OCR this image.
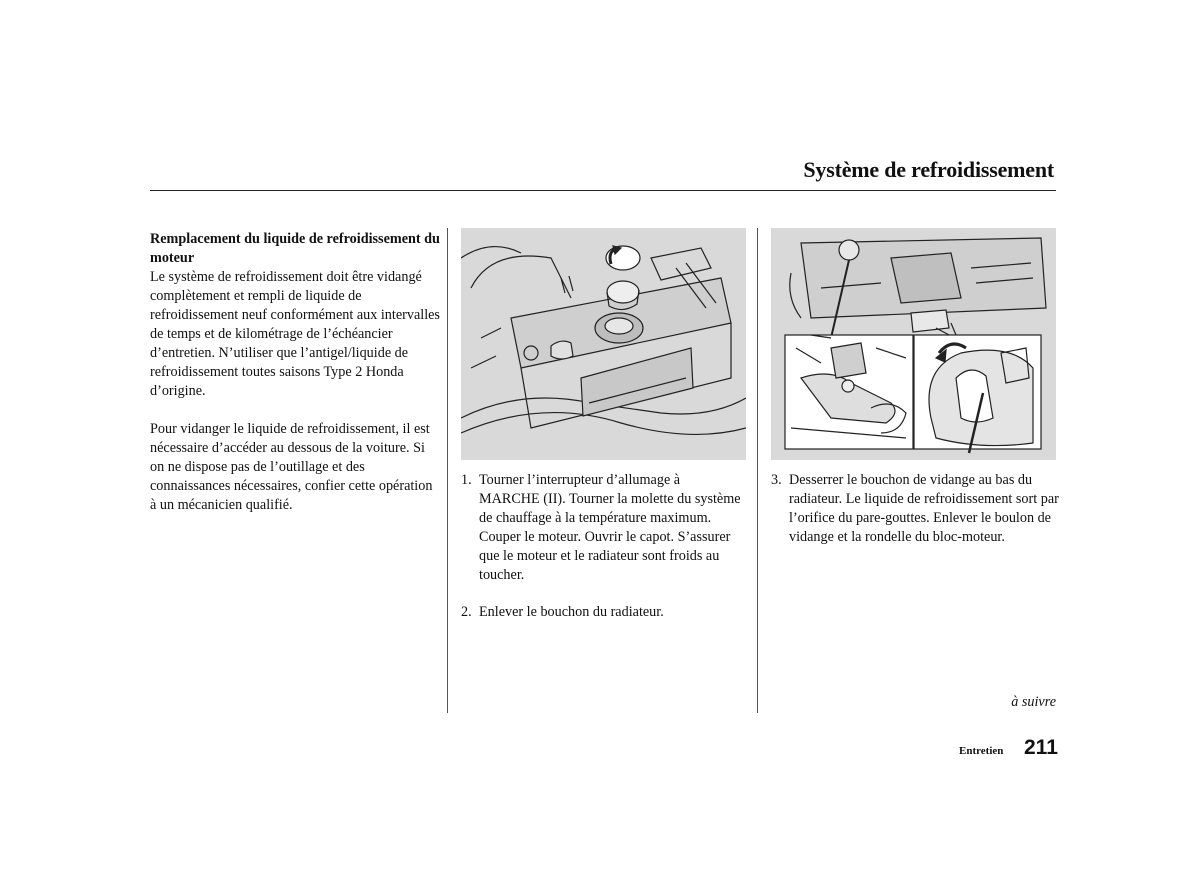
Système de refroidissement
Remplacement du liquide de refroidissement du moteur

Le système de refroidissement doit être vidangé complètement et rempli de liquide de refroidissement neuf conformément aux intervalles de temps et de kilométrage de l’échéancier d’entretien. N’utiliser que l’antigel/liquide de refroidissement toutes saisons Type 2 Honda d’origine.

Pour vidanger le liquide de refroidissement, il est nécessaire d’accéder au dessous de la voiture. Si on ne dispose pas de l’outillage et des connaissances nécessaires, confier cette opération à un mécanicien qualifié.

1. Tourner l’interrupteur d’allumage à MARCHE (II). Tourner la molette du système de chauffage à la température maximum. Couper le moteur. Ouvrir le capot. S’assurer que le moteur et le radiateur sont froids au toucher.
2. Enlever le bouchon du radiateur.
3. Desserrer le bouchon de vidange au bas du radiateur. Le liquide de refroidissement sort par l’orifice du pare-gouttes. Enlever le boulon de vidange et la rondelle du bloc-moteur.
à suivre
Entretien 211
